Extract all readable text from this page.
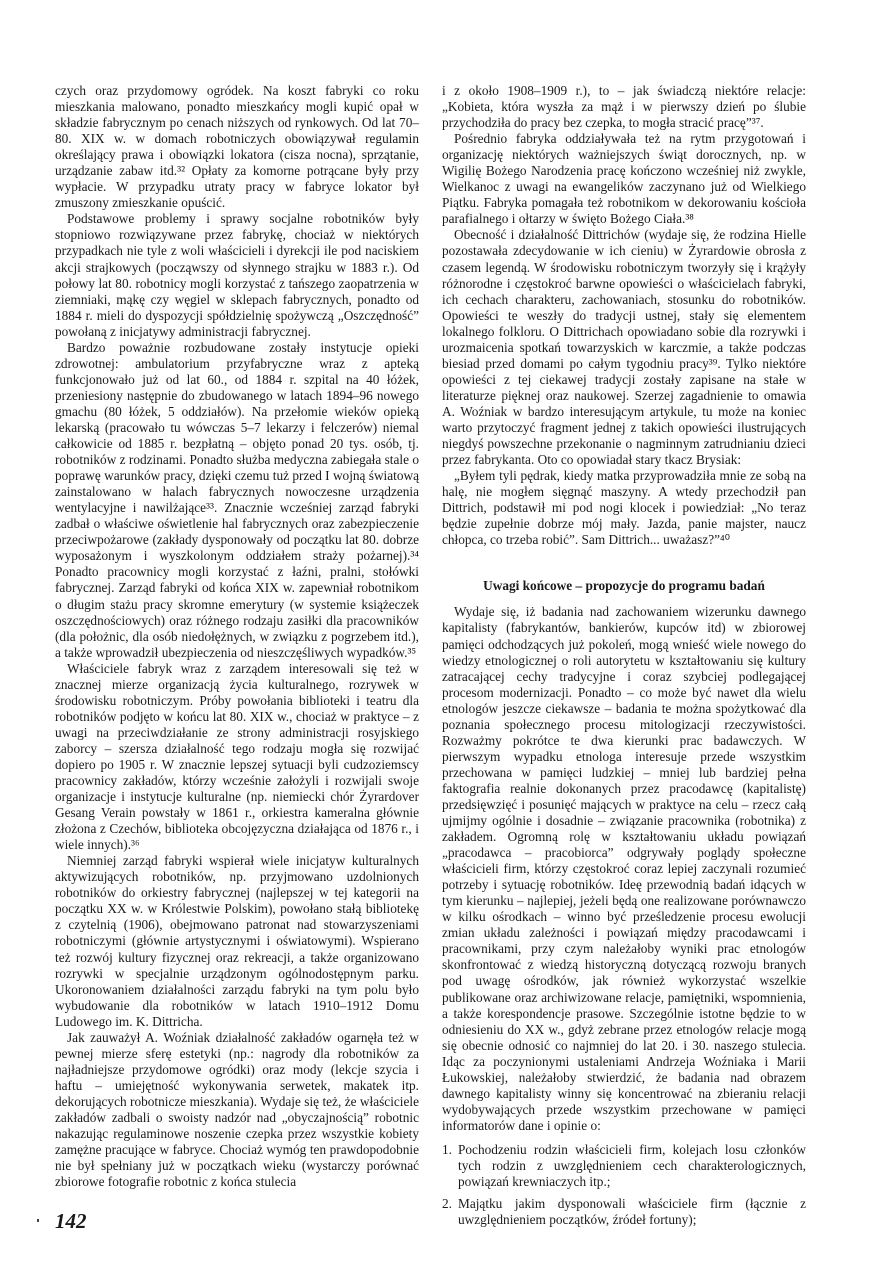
czych oraz przydomowy ogródek. Na koszt fabryki co roku mieszkania malowano, ponadto mieszkańcy mogli kupić opał w składzie fabrycznym po cenach niższych od rynkowych. Od lat 70–80. XIX w. w domach robotniczych obowiązywał regulamin określający prawa i obowiązki lokatora (cisza nocna), sprzątanie, urządzanie zabaw itd.³² Opłaty za komorne potrącane były przy wypłacie. W przypadku utraty pracy w fabryce lokator był zmuszony zmieszkanie opuścić.

Podstawowe problemy i sprawy socjalne robotników były stopniowo rozwiązywane przez fabrykę, chociaż w niektórych przypadkach nie tyle z woli właścicieli i dyrekcji ile pod naciskiem akcji strajkowych (począwszy od słynnego strajku w 1883 r.). Od połowy lat 80. robotnicy mogli korzystać z tańszego zaopatrzenia w ziemniaki, mąkę czy węgiel w sklepach fabrycznych, ponadto od 1884 r. mieli do dyspozycji spółdzielnię spożywczą „Oszczędność” powołaną z inicjatywy administracji fabrycznej.

Bardzo poważnie rozbudowane zostały instytucje opieki zdrowotnej: ambulatorium przyfabryczne wraz z apteką funkcjonowało już od lat 60., od 1884 r. szpital na 40 łóżek, przeniesiony następnie do zbudowanego w latach 1894–96 nowego gmachu (80 łóżek, 5 oddziałów). Na przełomie wieków opieką lekarską (pracowało tu wówczas 5–7 lekarzy i felczerów) niemal całkowicie od 1885 r. bezpłatną – objęto ponad 20 tys. osób, tj. robotników z rodzinami. Ponadto służba medyczna zabiegała stale o poprawę warunków pracy, dzięki czemu tuż przed I wojną światową zainstalowano w halach fabrycznych nowoczesne urządzenia wentylacyjne i nawilżające³³. Znacznie wcześniej zarząd fabryki zadbał o właściwe oświetlenie hal fabrycznych oraz zabezpieczenie przeciwpożarowe (zakłady dysponowały od początku lat 80. dobrze wyposażonym i wyszkolonym oddziałem straży pożarnej).³⁴ Ponadto pracownicy mogli korzystać z łaźni, pralni, stołówki fabrycznej. Zarząd fabryki od końca XIX w. zapewniał robotnikom o długim stażu pracy skromne emerytury (w systemie książeczek oszczędnościowych) oraz różnego rodzaju zasiłki dla pracowników (dla położnic, dla osób niedołężnych, w związku z pogrzebem itd.), a także wprowadził ubezpieczenia od nieszczęśliwych wypadków.³⁵

Właściciele fabryk wraz z zarządem interesowali się też w znacznej mierze organizacją życia kulturalnego, rozrywek w środowisku robotniczym. Próby powołania biblioteki i teatru dla robotników podjęto w końcu lat 80. XIX w., chociaż w praktyce – z uwagi na przeciwdziałanie ze strony administracji rosyjskiego zaborcy – szersza działalność tego rodzaju mogła się rozwijać dopiero po 1905 r. W znacznie lepszej sytuacji byli cudzoziemscy pracownicy zakładów, którzy wcześnie założyli i rozwijali swoje organizacje i instytucje kulturalne (np. niemiecki chór Żyrardover Gesang Verain powstały w 1861 r., orkiestra kameralna głównie złożona z Czechów, biblioteka obcojęzyczna działająca od 1876 r., i wiele innych).³⁶

Niemniej zarząd fabryki wspierał wiele inicjatyw kulturalnych aktywizujących robotników, np. przyjmowano uzdolnionych robotników do orkiestry fabrycznej (najlepszej w tej kategorii na początku XX w. w Królestwie Polskim), powołano stałą bibliotekę z czytelnią (1906), obejmowano patronat nad stowarzyszeniami robotniczymi (głównie artystycznymi i oświatowymi). Wspierano też rozwój kultury fizycznej oraz rekreacji, a także organizowano rozrywki w specjalnie urządzonym ogólnodostępnym parku. Ukoronowaniem działalności zarządu fabryki na tym polu było wybudowanie dla robotników w latach 1910–1912 Domu Ludowego im. K. Dittricha.

Jak zauważył A. Woźniak działalność zakładów ogarnęła też w pewnej mierze sferę estetyki (np.: nagrody dla robotników za najładniejsze przydomowe ogródki) oraz mody (lekcje szycia i haftu – umiejętność wykonywania serwetek, makatek itp. dekorujących robotnicze mieszkania). Wydaje się też, że właściciele zakładów zadbali o swoisty nadzór nad „obyczajnością” robotnic nakazując regulaminowe noszenie czepka przez wszystkie kobiety zamężne pracujące w fabryce. Chociaż wymóg ten prawdopodobnie nie był spełniany już w początkach wieku (wystarczy porównać zbiorowe fotografie robotnic z końca stulecia

142

i z około 1908–1909 r.), to – jak świadczą niektóre relacje: „Kobieta, która wyszła za mąż i w pierwszy dzień po ślubie przychodziła do pracy bez czepka, to mogła stracić pracę”³⁷.

Pośrednio fabryka oddziaływała też na rytm przygotowań i organizację niektórych ważniejszych świąt dorocznych, np. w Wigilię Bożego Narodzenia pracę kończono wcześniej niż zwykle, Wielkanoc z uwagi na ewangelików zaczynano już od Wielkiego Piątku. Fabryka pomagała też robotnikom w dekorowaniu kościoła parafialnego i ołtarzy w święto Bożego Ciała.³⁸

Obecność i działalność Dittrichów (wydaje się, że rodzina Hielle pozostawała zdecydowanie w ich cieniu) w Żyrardowie obrosła z czasem legendą. W środowisku robotniczym tworzyły się i krążyły różnorodne i częstokroć barwne opowieści o właścicielach fabryki, ich cechach charakteru, zachowaniach, stosunku do robotników. Opowieści te weszły do tradycji ustnej, stały się elementem lokalnego folkloru. O Dittrichach opowiadano sobie dla rozrywki i urozmaicenia spotkań towarzyskich w karczmie, a także podczas biesiad przed domami po całym tygodniu pracy³⁹. Tylko niektóre opowieści z tej ciekawej tradycji zostały zapisane na stałe w literaturze pięknej oraz naukowej. Szerzej zagadnienie to omawia A. Woźniak w bardzo interesującym artykule, tu może na koniec warto przytoczyć fragment jednej z takich opowieści ilustrujących niegdyś powszechne przekonanie o nagminnym zatrudnianiu dzieci przez fabrykanta. Oto co opowiadał stary tkacz Brysiak:

„Byłem tyli pędrak, kiedy matka przyprowadziła mnie ze sobą na halę, nie mogłem sięgnąć maszyny. A wtedy przechodził pan Dittrich, podstawił mi pod nogi klocek i powiedział: „No teraz będzie zupełnie dobrze mój mały. Jazda, panie majster, naucz chłopca, co trzeba robić”. Sam Dittrich... uważasz?”⁴⁰

Uwagi końcowe – propozycje do programu badań

Wydaje się, iż badania nad zachowaniem wizerunku dawnego kapitalisty (fabrykantów, bankierów, kupców itd) w zbiorowej pamięci odchodzących już pokoleń, mogą wnieść wiele nowego do wiedzy etnologicznej o roli autorytetu w kształtowaniu się kultury zatracającej cechy tradycyjne i coraz szybciej podlegającej procesom modernizacji. Ponadto – co może być nawet dla wielu etnologów jeszcze ciekawsze – badania te można spożytkować dla poznania społecznego procesu mitologizacji rzeczywistości. Rozważmy pokrótce te dwa kierunki prac badawczych. W pierwszym wypadku etnologa interesuje przede wszystkim przechowana w pamięci ludzkiej – mniej lub bardziej pełna faktografia realnie dokonanych przez pracodawcę (kapitalistę) przedsięwzięć i posunięć mających w praktyce na celu – rzecz całą ujmijmy ogólnie i dosadnie – związanie pracownika (robotnika) z zakładem. Ogromną rolę w kształtowaniu układu powiązań „pracodawca – pracobiorca” odgrywały poglądy społeczne właścicieli firm, którzy częstokroć coraz lepiej zaczynali rozumieć potrzeby i sytuację robotników. Ideę przewodnią badań idących w tym kierunku – najlepiej, jeżeli będą one realizowane porównawczo w kilku ośrodkach – winno być prześledzenie procesu ewolucji zmian układu zależności i powiązań między pracodawcami i pracownikami, przy czym należałoby wyniki prac etnologów skonfrontować z wiedzą historyczną dotyczącą rozwoju branych pod uwagę ośrodków, jak również wykorzystać wszelkie publikowane oraz archiwizowane relacje, pamiętniki, wspomnienia, a także korespondencje prasowe. Szczególnie istotne będzie to w odniesieniu do XX w., gdyż zebrane przez etnologów relacje mogą się obecnie odnosić co najmniej do lat 20. i 30. naszego stulecia. Idąc za poczynionymi ustaleniami Andrzeja Woźniaka i Marii Łukowskiej, należałoby stwierdzić, że badania nad obrazem dawnego kapitalisty winny się koncentrować na zbieraniu relacji wydobywających przede wszystkim przechowane w pamięci informatorów dane i opinie o:

1. Pochodzeniu rodzin właścicieli firm, kolejach losu członków tych rodzin z uwzględnieniem cech charakterologicznych, powiązań krewniaczych itp.;
2. Majątku jakim dysponowali właściciele firm (łącznie z uwzględnieniem początków, źródeł fortuny);
